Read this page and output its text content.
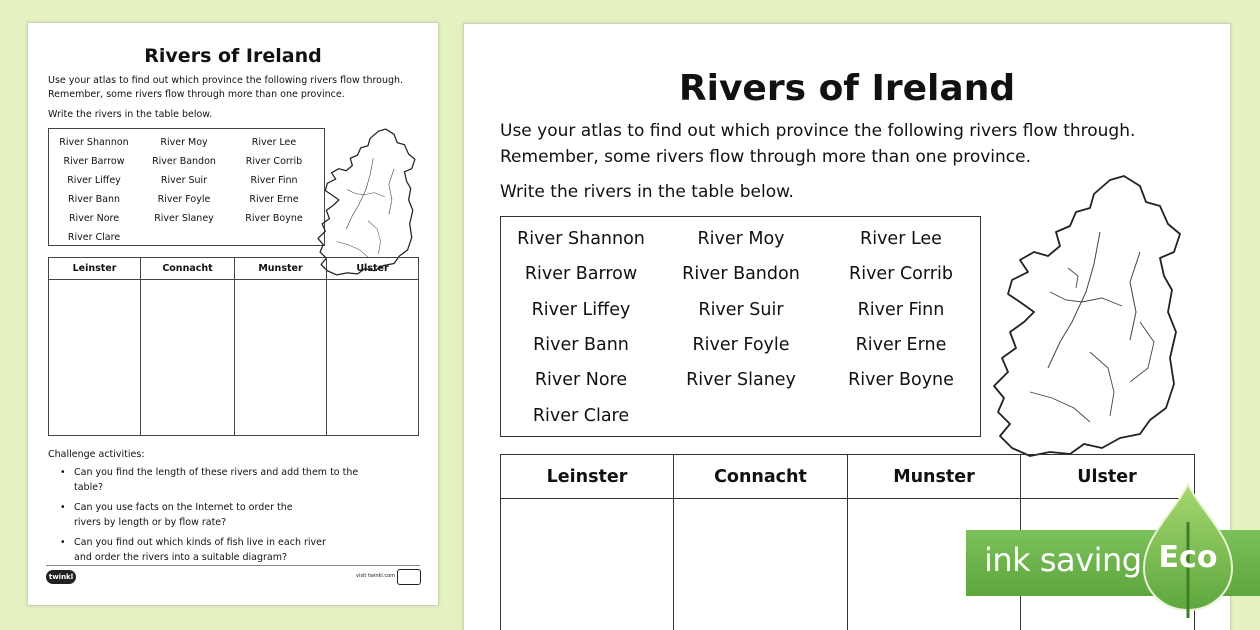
Rivers of Ireland
Use your atlas to find out which province the following rivers flow through.
Remember, some rivers flow through more than one province.
Write the rivers in the table below.
River Shannon	River Moy	River Lee
River Barrow	River Bandon	River Corrib
River Liffey	River Suir	River Finn
River Bann	River Foyle	River Erne
River Nore	River Slaney	River Boyne
River Clare
Leinster	Connacht	Munster	Ulster
Challenge activities:
• Can you find the length of these rivers and add them to the table?
• Can you use facts on the Internet to order the rivers by length or by flow rate?
• Can you find out which kinds of fish live in each river and order the rivers into a suitable diagram?
twinkl	visit twinkl.com
Rivers of Ireland
Use your atlas to find out which province the following rivers flow through.
Remember, some rivers flow through more than one province.
Write the rivers in the table below.
River Shannon	River Moy	River Lee
River Barrow	River Bandon	River Corrib
River Liffey	River Suir	River Finn
River Bann	River Foyle	River Erne
River Nore	River Slaney	River Boyne
River Clare
Leinster	Connacht	Munster	Ulster
ink saving Eco
